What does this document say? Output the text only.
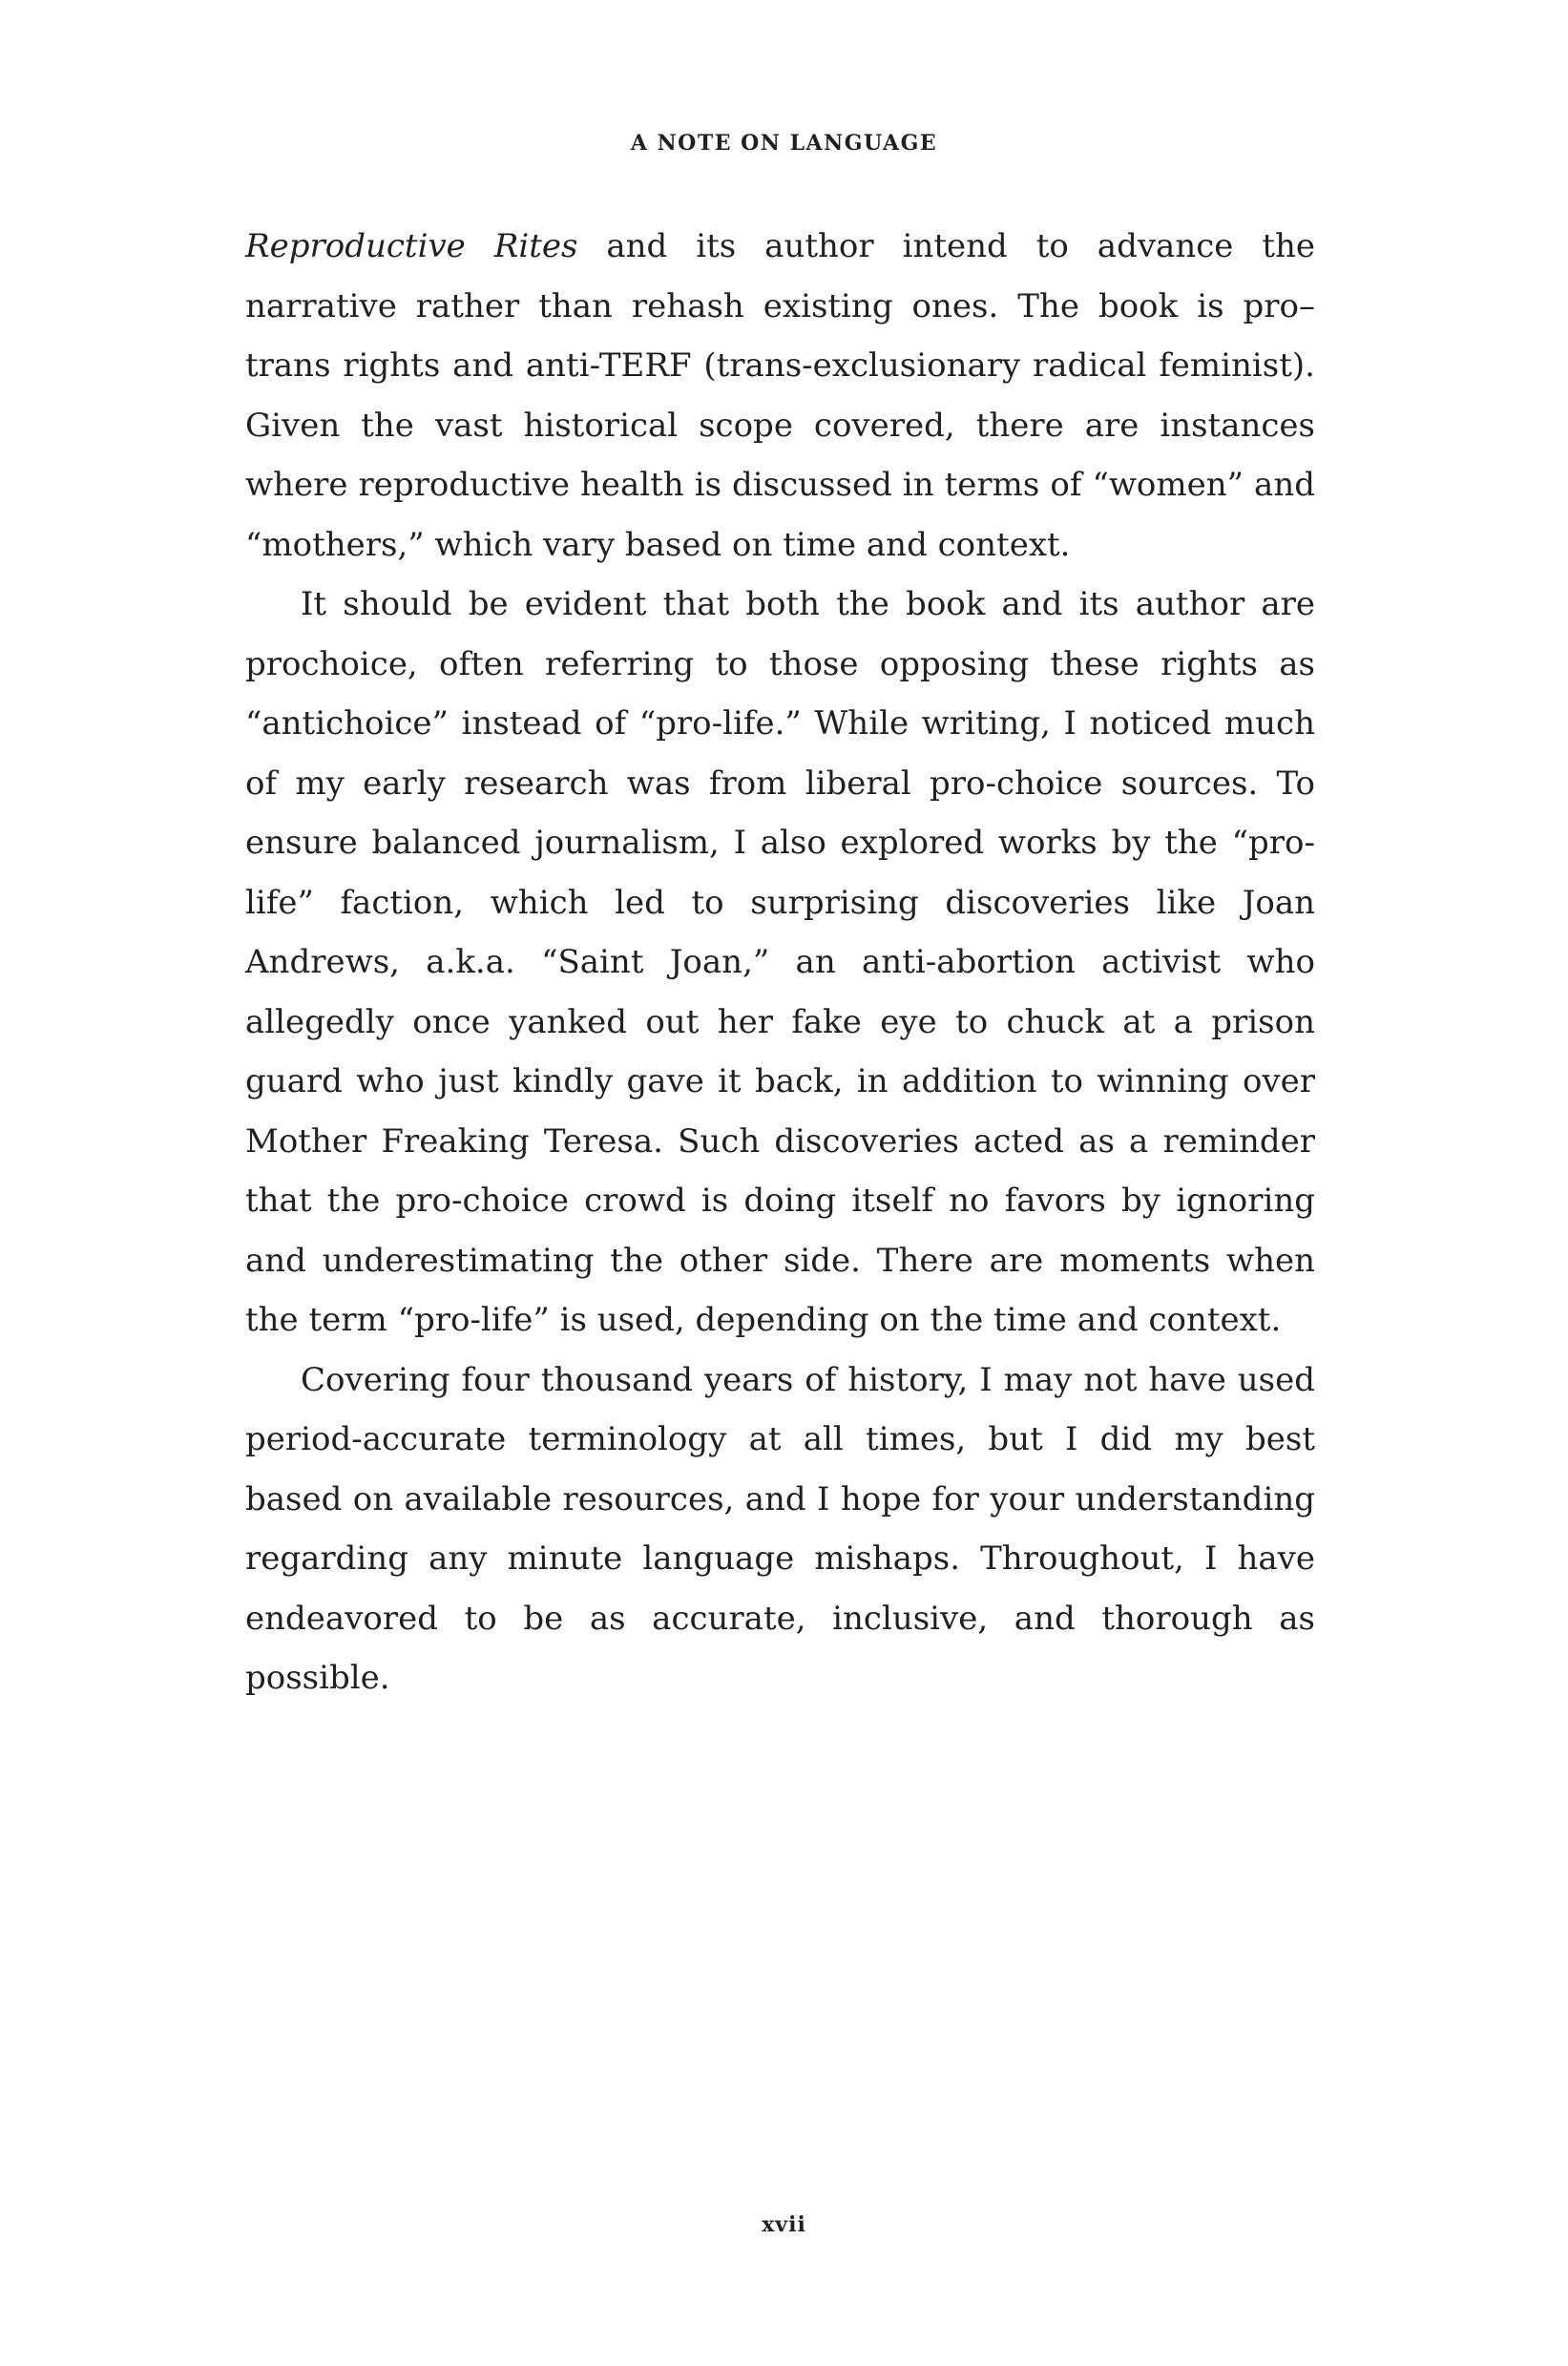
A NOTE ON LANGUAGE

Reproductive Rites and its author intend to advance the narrative rather than rehash existing ones. The book is pro–trans rights and anti-TERF (trans-exclusionary radical feminist). Given the vast historical scope covered, there are instances where reproductive health is discussed in terms of “women” and “mothers,” which vary based on time and context.

It should be evident that both the book and its author are prochoice, often referring to those opposing these rights as “antichoice” instead of “pro-life.” While writing, I noticed much of my early research was from liberal pro-choice sources. To ensure balanced journalism, I also explored works by the “pro-life” faction, which led to surprising discoveries like Joan Andrews, a.k.a. “Saint Joan,” an anti-abortion activist who allegedly once yanked out her fake eye to chuck at a prison guard who just kindly gave it back, in addition to winning over Mother Freaking Teresa. Such discoveries acted as a reminder that the pro-choice crowd is doing itself no favors by ignoring and underestimating the other side. There are moments when the term “pro-life” is used, depending on the time and context.

Covering four thousand years of history, I may not have used period-accurate terminology at all times, but I did my best based on available resources, and I hope for your understanding regarding any minute language mishaps. Throughout, I have endeavored to be as accurate, inclusive, and thorough as possible.

xvii
